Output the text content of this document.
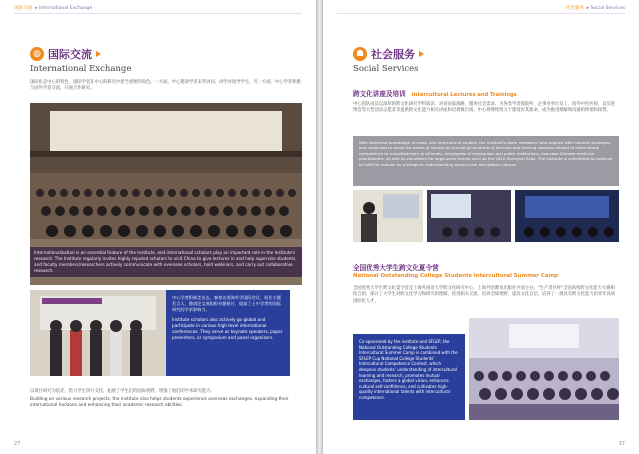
国际交流  ▸ International Exchange
◍ 国际交流
International Exchange
国际化是中心的特色。国际学者在中心的研究中担当重要的角色。一方面，中心邀请学者来华访问、讲学并指导学生。另一方面，中心学者积极与国外学者交流，开展合作研究。
Internationalization is an essential feature of the Institute, and international scholars play an important role in the Institute's research. The Institute regularly invites highly reputed scholars to visit China to give lectures in and help supervise students, and faculty members/researchers actively communicate with overseas scholars, hold webinars, and carry out collaborative research.
中心学者积极走出去，参加各类海外学国际会议，担任主题发言人，邀请论文或组织专题研讨，提高了土中学者的国际研究的学术影响力。
Institute scholars also actively go global and participate in various high-level international conferences. They serve as keynote speakers, paper presenters, or symposium and panel organizers.
以项目研究为依托，借力学生四方支持，拓展了学生们的国际视野，增强了他们的学术研究能力。
Building on various research projects, the institute also helps students experience overseas exchanges, expanding their international horizons and enhancing their academic research abilities.
27
社会服务  ▸ Social Services
☗ 社会服务
Social Services
跨文化讲座及培训 Intercultural Lectures and Trainings
中心团队成员以深厚的跨文化研究学科知识，对省国家战略、服务社会需求，为各类学者般院所、企事业单位员工、海外中医医师、以及进博会等大型活动志愿者等提供跨文化能力相关讲座和培训数百场。中心将继续致力于建设好其使命，成为推进理解和沟通的桥梁和纽带。
With extensive knowledge of cross- and intercultural studies, the Institute's team members have aligned with national strategies and continued to serve the needs of society by providing hundreds of lectures and training sessions related to intercultural competence to schoolteachers at all levels, employees of enterprises and public institutions, overseas Chinese medicine practitioners, as well as volunteers for large-scale events such as the 2010 Shanghai Expo. The institute is committed to continue to fulfill its mission as a bridge to understanding across local and global cultures.
全国优秀大学生跨文化夏令营
National Outstanding College Students Intercultural Summer Camp
全国优秀大学生跨文化夏令营是上海外国语大学跨文化研究中心、上海外语教育出版社共同主办。"生产者区杯"全国高校跨文化能力大赛相结合的，探讨了大学生对跨文化学习和研究的理解、促进相关交流、培养全球视野、提高文化自信、培养了一批具有跨文化能力的青年高质国际化人才。
Co-sponsored by the institute and SFLEP, the National Outstanding College Students Intercultural Summer Camp is combined with the SFLEP Cup National College Students' Intercultural Competence Contest, which deepens students' understanding of intercultural learning and research, promotes mutual exchanges, fosters a global vision, enhances cultural self-confidence, and cultivates high-quality international talents with intercultural competence.
37
